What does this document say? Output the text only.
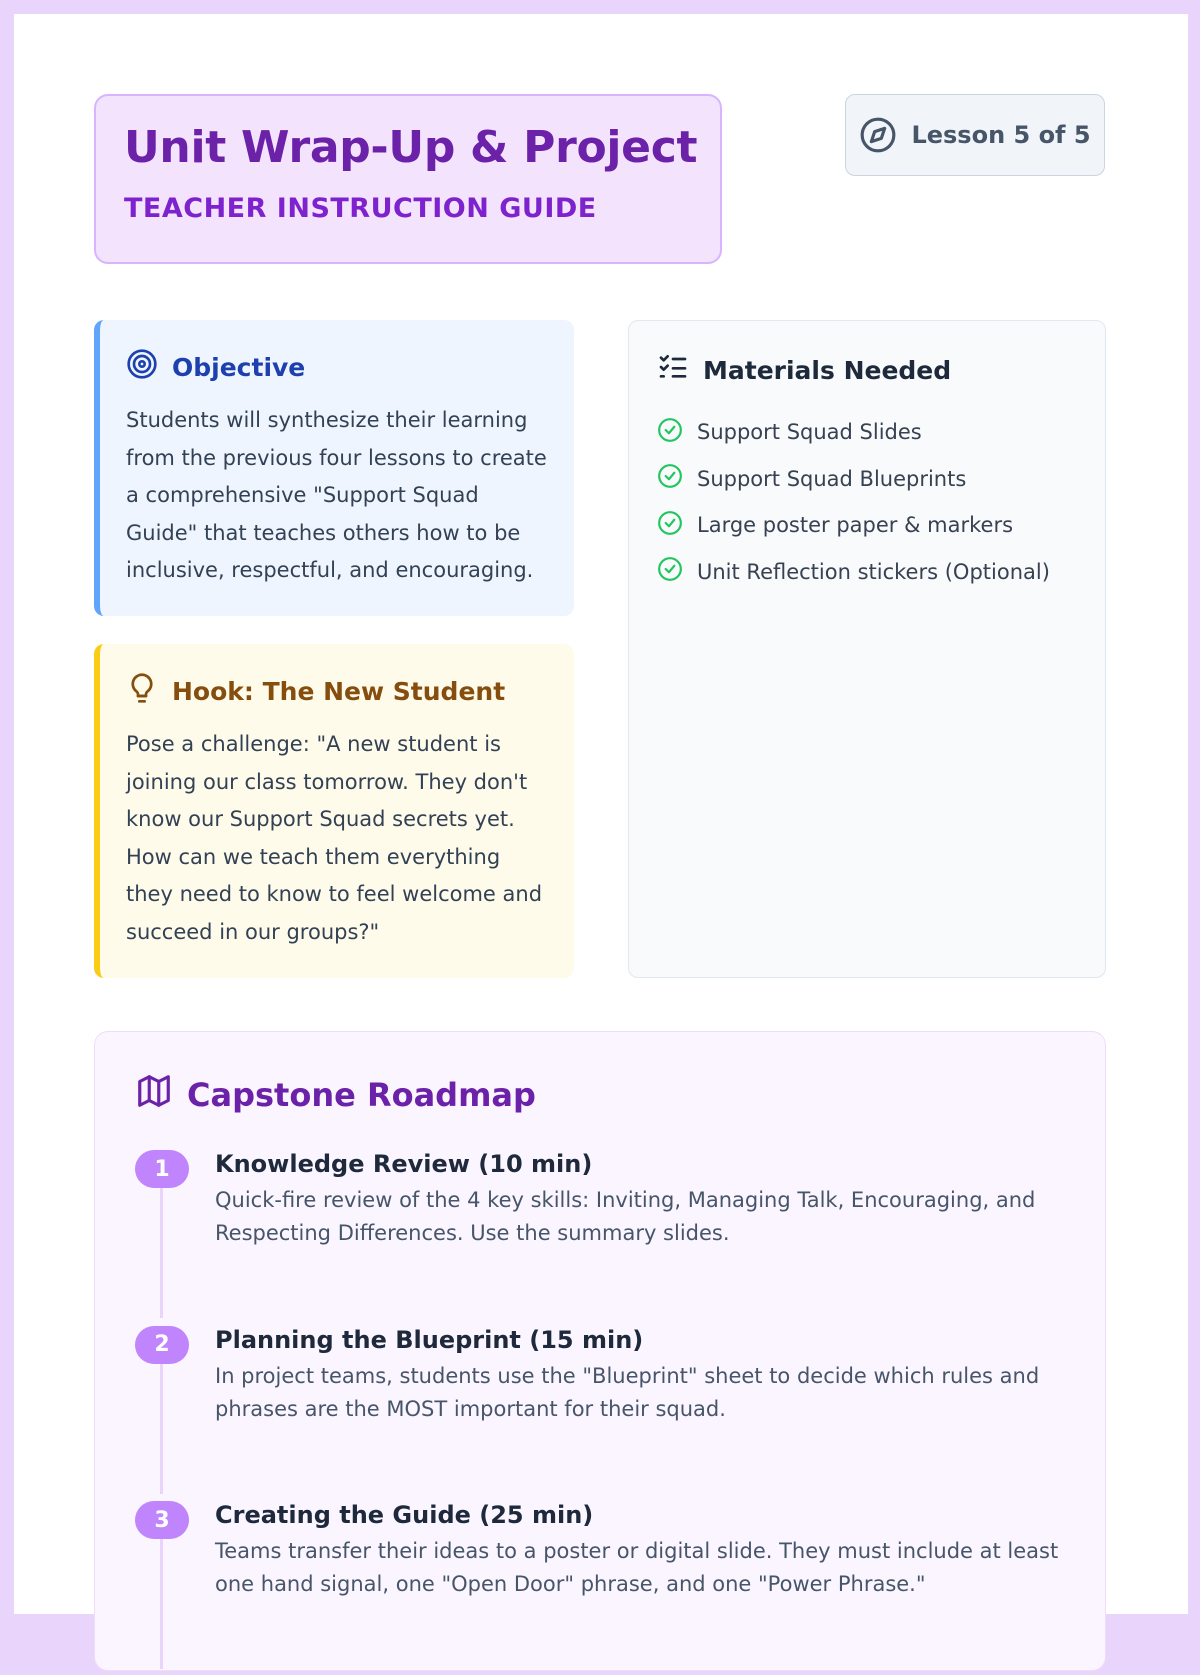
Unit Wrap-Up & Project
TEACHER INSTRUCTION GUIDE
Lesson 5 of 5
Objective

Students will synthesize their learning from the previous four lessons to create a comprehensive "Support Squad Guide" that teaches others how to be inclusive, respectful, and encouraging.

Hook: The New Student

Pose a challenge: "A new student is joining our class tomorrow. They don't know our Support Squad secrets yet. How can we teach them everything they need to know to feel welcome and succeed in our groups?"

Materials Needed
Support Squad Slides
Support Squad Blueprints
Large poster paper & markers
Unit Reflection stickers (Optional)
Capstone Roadmap
1	Knowledge Review (10 min)
Quick-fire review of the 4 key skills: Inviting, Managing Talk, Encouraging, and Respecting Differences. Use the summary slides.
2	Planning the Blueprint (15 min)
In project teams, students use the "Blueprint" sheet to decide which rules and phrases are the MOST important for their squad.
3	Creating the Guide (25 min)
Teams transfer their ideas to a poster or digital slide. They must include at least one hand signal, one "Open Door" phrase, and one "Power Phrase."
